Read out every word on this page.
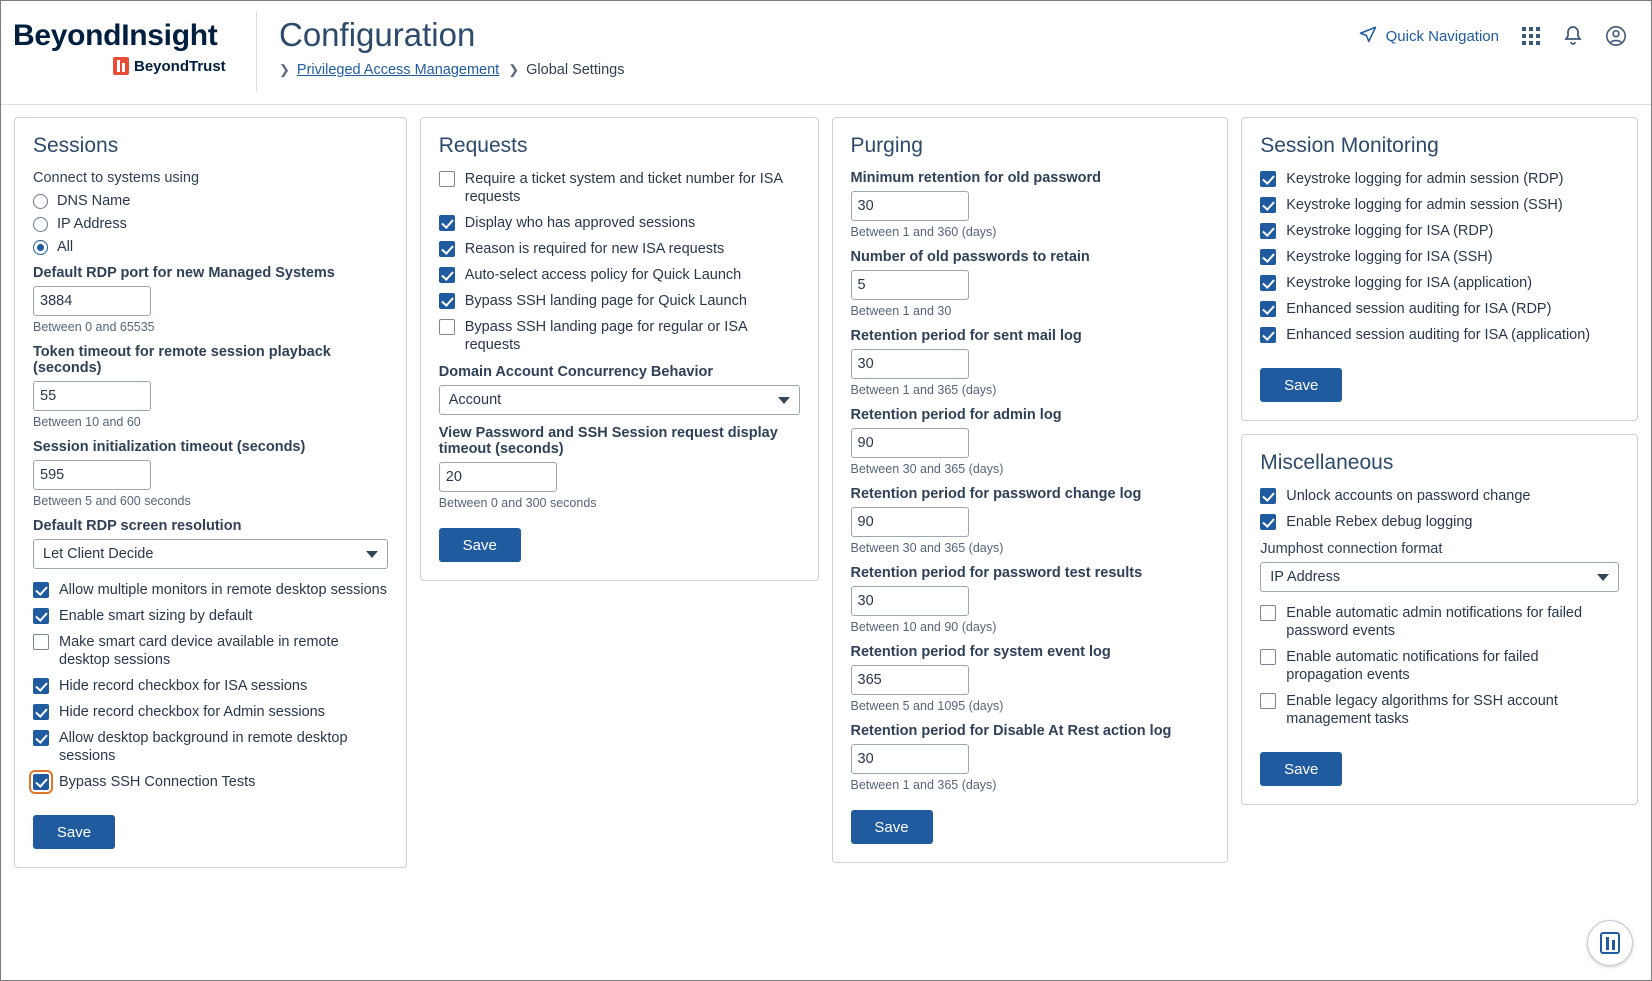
BeyondInsight
BeyondTrust
Configuration
❯ Privileged Access Management ❯ Global Settings
Quick Navigation
Sessions
Connect to systems using
DNS Name
IP Address
All
Default RDP port for new Managed Systems
3884
Between 0 and 65535
Token timeout for remote session playback (seconds)
55
Between 10 and 60
Session initialization timeout (seconds)
595
Between 5 and 600 seconds
Default RDP screen resolution
Let Client Decide
Allow multiple monitors in remote desktop sessions
Enable smart sizing by default
Make smart card device available in remote desktop sessions
Hide record checkbox for ISA sessions
Hide record checkbox for Admin sessions
Allow desktop background in remote desktop sessions
Bypass SSH Connection Tests
Save
Requests
Require a ticket system and ticket number for ISA requests
Display who has approved sessions
Reason is required for new ISA requests
Auto-select access policy for Quick Launch
Bypass SSH landing page for Quick Launch
Bypass SSH landing page for regular or ISA requests
Domain Account Concurrency Behavior
Account
View Password and SSH Session request display timeout (seconds)
20
Between 0 and 300 seconds
Save
Purging
Minimum retention for old password
30
Between 1 and 360 (days)
Number of old passwords to retain
5
Between 1 and 30
Retention period for sent mail log
30
Between 1 and 365 (days)
Retention period for admin log
90
Between 30 and 365 (days)
Retention period for password change log
90
Between 30 and 365 (days)
Retention period for password test results
30
Between 10 and 90 (days)
Retention period for system event log
365
Between 5 and 1095 (days)
Retention period for Disable At Rest action log
30
Between 1 and 365 (days)
Save
Session Monitoring
Keystroke logging for admin session (RDP)
Keystroke logging for admin session (SSH)
Keystroke logging for ISA (RDP)
Keystroke logging for ISA (SSH)
Keystroke logging for ISA (application)
Enhanced session auditing for ISA (RDP)
Enhanced session auditing for ISA (application)
Save
Miscellaneous
Unlock accounts on password change
Enable Rebex debug logging
Jumphost connection format
IP Address
Enable automatic admin notifications for failed password events
Enable automatic notifications for failed propagation events
Enable legacy algorithms for SSH account management tasks
Save
